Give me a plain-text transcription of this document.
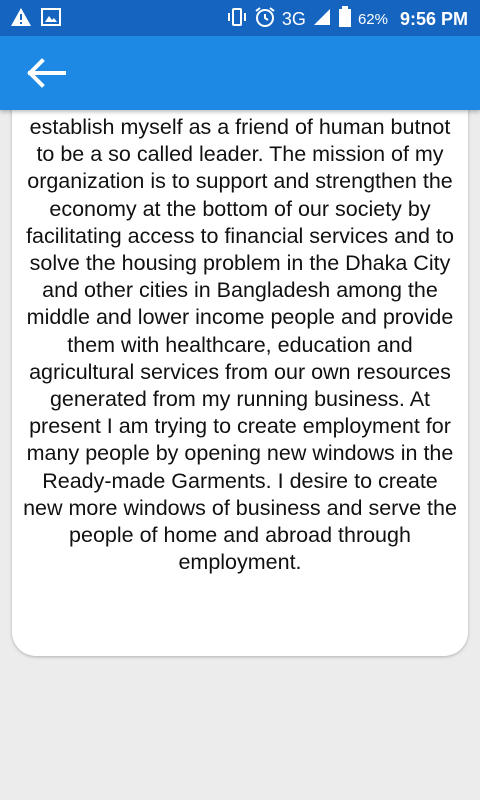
3G	62% 9:56 PM

establish myself as a friend of human butnot to be a so called leader. The mission of my organization is to support and strengthen the economy at the bottom of our society by facilitating access to financial services and to solve the housing problem in the Dhaka City and other cities in Bangladesh among the middle and lower income people and provide them with healthcare, education and agricultural services from our own resources generated from my running business. At present I am trying to create employment for many people by opening new windows in the Ready-made Garments. I desire to create new more windows of business and serve the people of home and abroad through employment.
